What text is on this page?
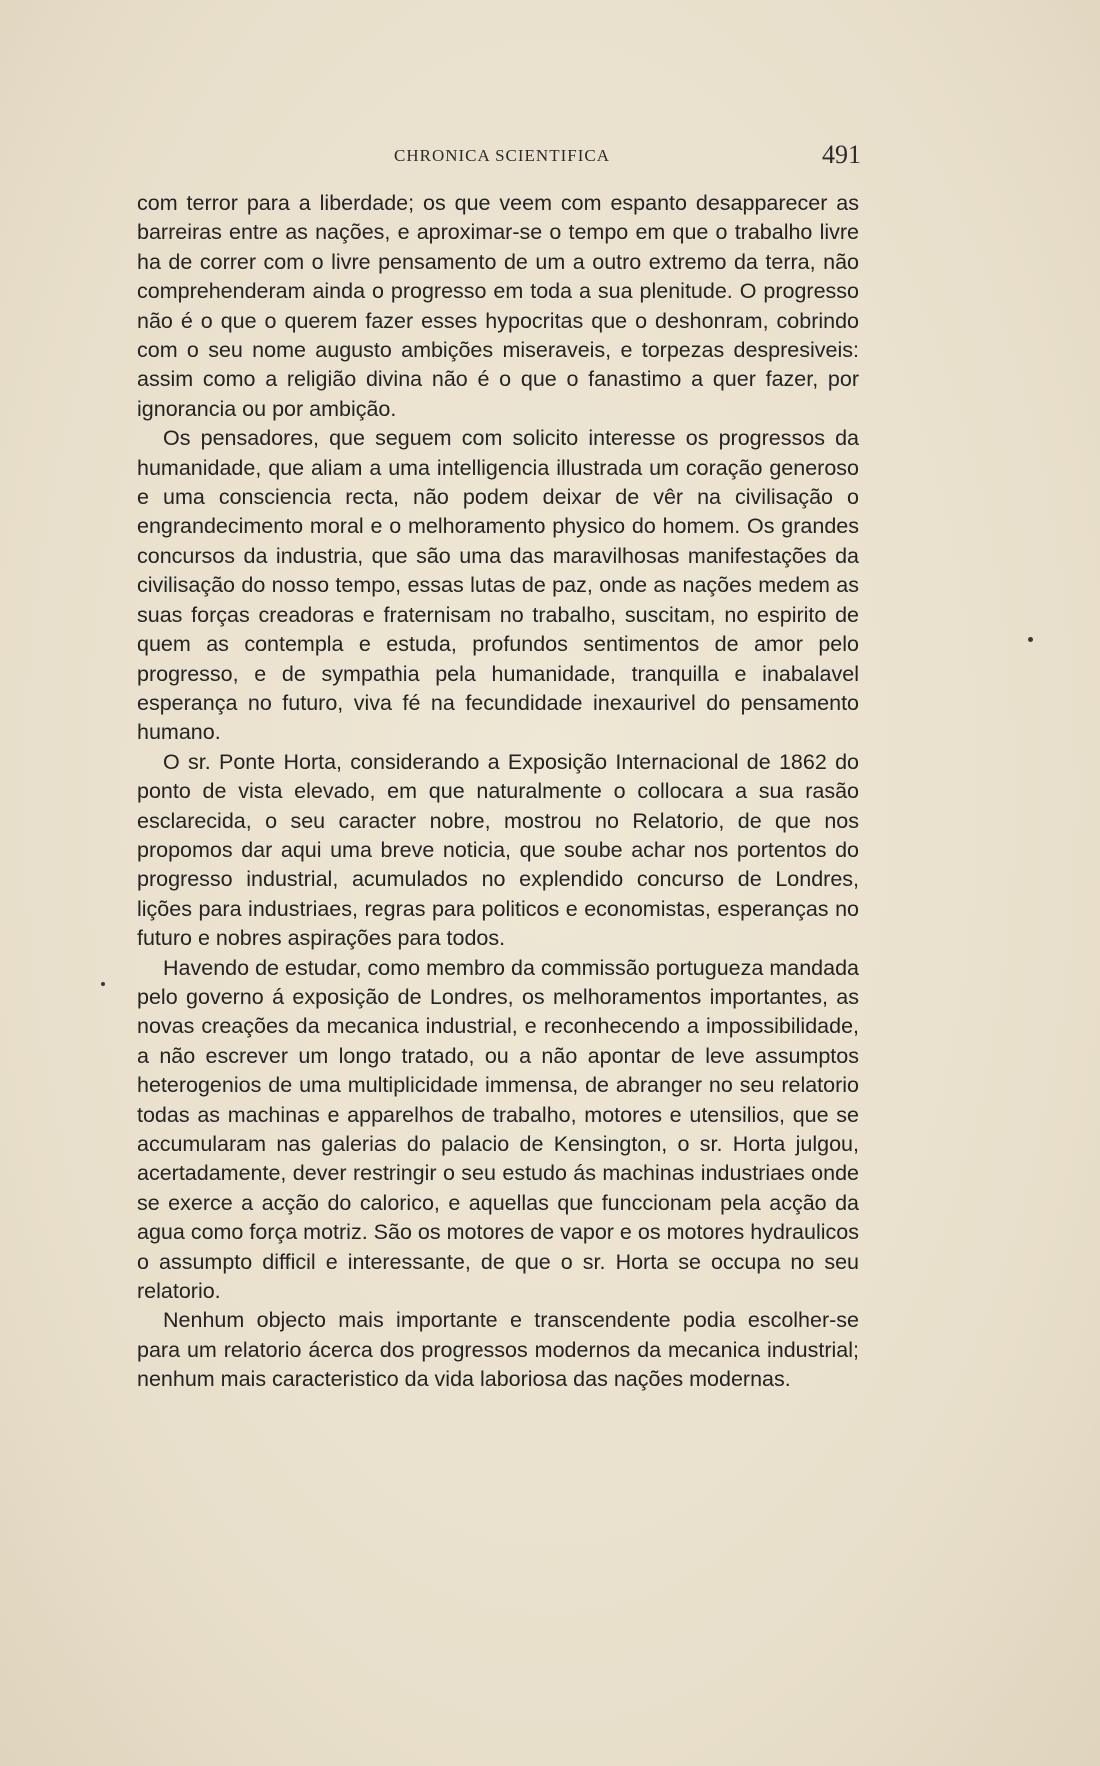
CHRONICA SCIENTIFICA	491

com terror para a liberdade; os que veem com espanto desapparecer as barreiras entre as nações, e aproximar-se o tempo em que o trabalho livre ha de correr com o livre pensamento de um a outro extremo da terra, não comprehenderam ainda o progresso em toda a sua plenitude. O progresso não é o que o querem fazer esses hypocritas que o deshonram, cobrindo com o seu nome augusto ambições miseraveis, e torpezas despresiveis: assim como a religião divina não é o que o fanastimo a quer fazer, por ignorancia ou por ambição.

Os pensadores, que seguem com solicito interesse os progressos da humanidade, que aliam a uma intelligencia illustrada um coração generoso e uma consciencia recta, não podem deixar de vêr na civilisação o engrandecimento moral e o melhoramento physico do homem. Os grandes concursos da industria, que são uma das maravilhosas manifestações da civilisação do nosso tempo, essas lutas de paz, onde as nações medem as suas forças creadoras e fraternisam no trabalho, suscitam, no espirito de quem as contempla e estuda, profundos sentimentos de amor pelo progresso, e de sympathia pela humanidade, tranquilla e inabalavel esperança no futuro, viva fé na fecundidade inexaurivel do pensamento humano.

O sr. Ponte Horta, considerando a Exposição Internacional de 1862 do ponto de vista elevado, em que naturalmente o collocara a sua rasão esclarecida, o seu caracter nobre, mostrou no Relatorio, de que nos propomos dar aqui uma breve noticia, que soube achar nos portentos do progresso industrial, acumulados no explendido concurso de Londres, lições para industriaes, regras para politicos e economistas, esperanças no futuro e nobres aspirações para todos.

Havendo de estudar, como membro da commissão portugueza mandada pelo governo á exposição de Londres, os melhoramentos importantes, as novas creações da mecanica industrial, e reconhecendo a impossibilidade, a não escrever um longo tratado, ou a não apontar de leve assumptos heterogenios de uma multiplicidade immensa, de abranger no seu relatorio todas as machinas e apparelhos de trabalho, motores e utensilios, que se accumularam nas galerias do palacio de Kensington, o sr. Horta julgou, acertadamente, dever restringir o seu estudo ás machinas industriaes onde se exerce a acção do calorico, e aquellas que funccionam pela acção da agua como força motriz. São os motores de vapor e os motores hydraulicos o assumpto difficil e interessante, de que o sr. Horta se occupa no seu relatorio.

Nenhum objecto mais importante e transcendente podia escolher-se para um relatorio ácerca dos progressos modernos da mecanica industrial; nenhum mais caracteristico da vida laboriosa das nações modernas.
